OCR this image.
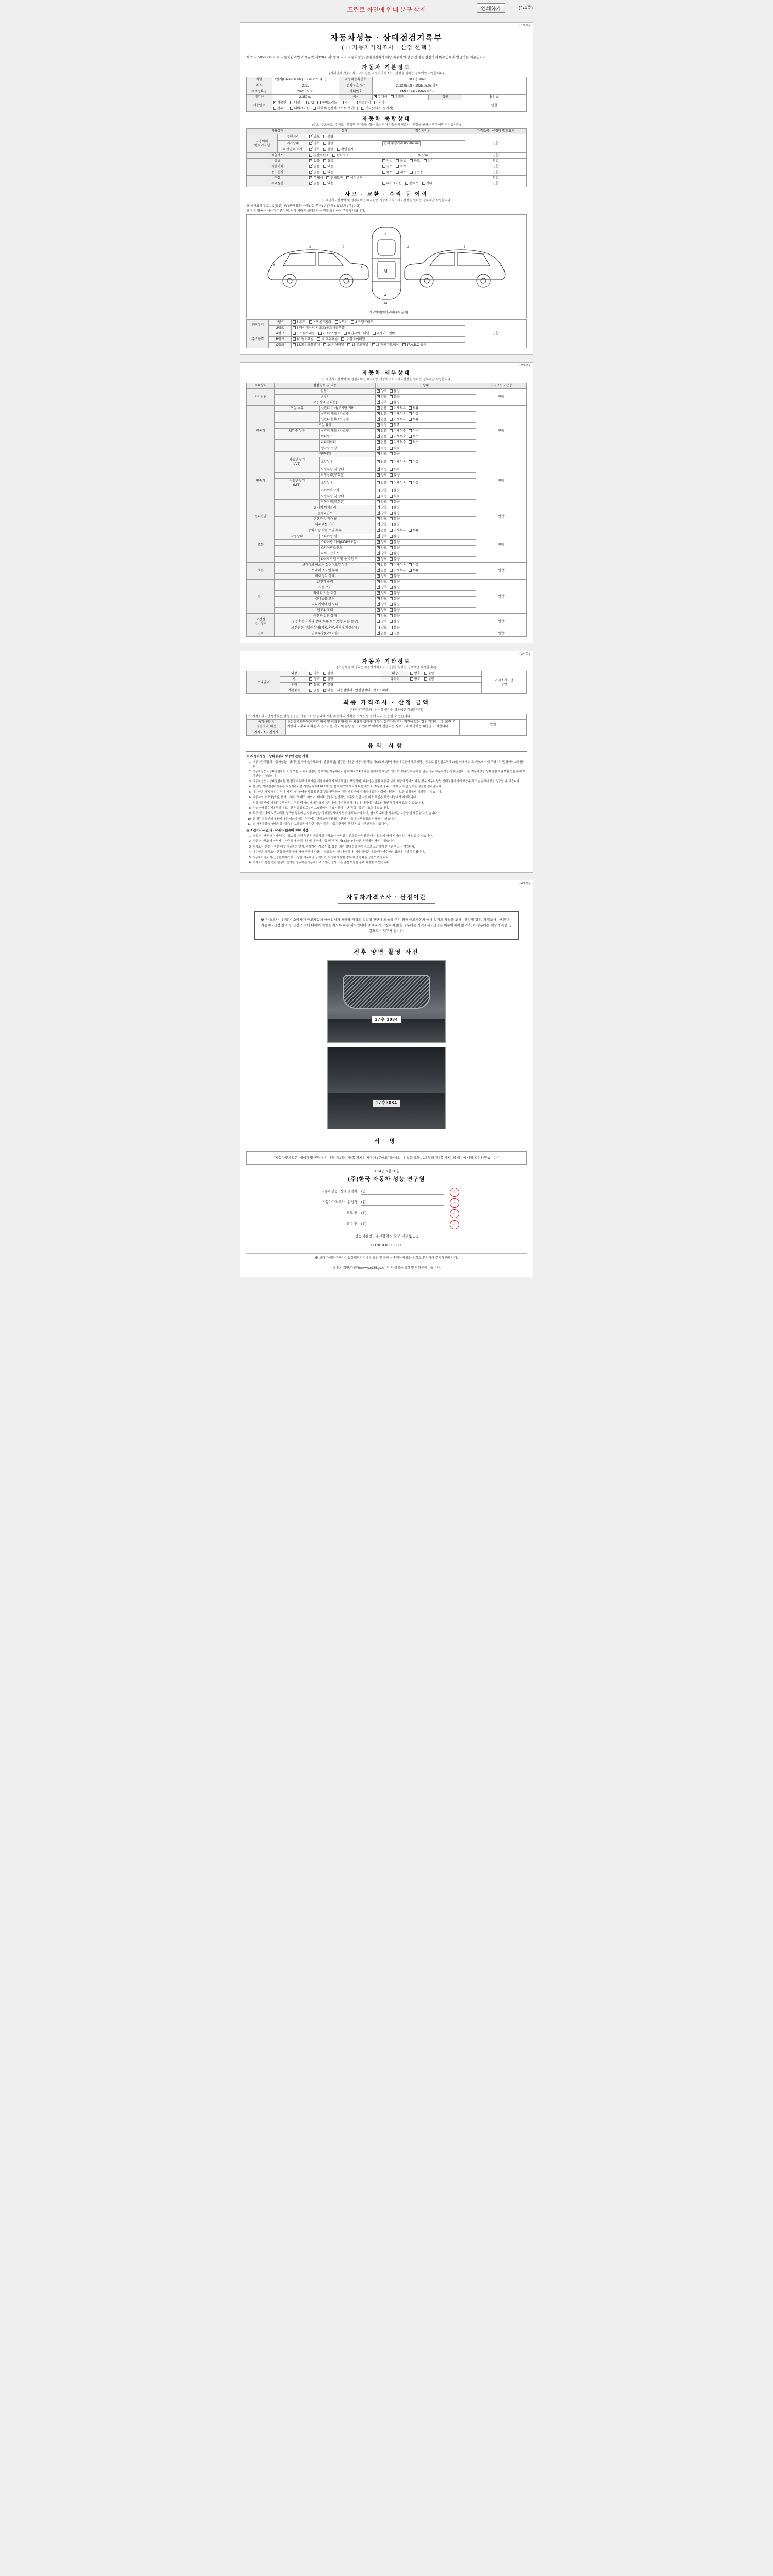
프린트 화면에 안내 문구 삭제	인쇄하기	(1/4쪽)
(1/4쪽)
자동차성능 · 상태점검기록부
( □ 자동차가격조사 · 산정 선택 )
제 20-07-050586 호 ※ 자동차관리법 시행규칙 제120조 제1항에 따라 자동차성능·상태점검자가 해당 자동차의 성능·상태를 점검하여 매수인에게 발급하는 서류입니다.
자동차 기본정보
(거래당사 기준가격 표기사항은 자동차가격조사 · 산정을 원하는 경우에만 작성합니다)
차명	그랜저(GRANDEUR) : (IG하이브리드)	자동차등록번호	38소용 9026		
연 식	2021	검사유효기간	2023.05.08 ~ 2025.05.07 까지		
최초등록일	2021.05.08	차대번호	KMHF141GBMA050758		
배기량	2,359 cc	색상	✓무채색 유채색	정원	5 인승
사용연료	✓가솔린 디젤 LPG 하이브리드 전기 수소전기 기타				연합
	선루프 내비게이션 에어백(운전석,조수석,사이드) 기타(기후/구동기기)				
자동차 종합상태
(주요, 주요골조, 주체교 · 산정액 및 제외사항은 표시되어 자동차가격조사 · 산정을 원하는 경우에만 작성합니다)
사용상태		상태	점검자의견	가격조사 · 산정액 별도표기
사용이력
및 특기사항	주행거리	✓양호 불량		연합
	계기상태	✓양호 불량	현재 주행거리 85,204 km	
	차량연료 표시	✓양호 불량 확인불가	
배출가스		일산화탄소 탄화수소	% ppm	연합
튜닝	✓없음 있음	적법 불법 구조 장치	연합
특별이력	✓없음 있음	침수 화재	연합
용도변경	✓없음 있음	렌트 리스 영업용	연합
색상	✓무채색 전체도색 색상변경		연합
주요옵션	✓없음 있음	내비게이션 선루프 기타	연합
사고 · 교환 · 수리 등 이력
(거래당사 · 산정액 및 점검자의견 표시란은 자동차가격조사 · 산정을 원하는 경우에만 작성합니다)
※ 상태표시 부호 : X (교환), W (판금 또는 용접), C (부식), A (흠집), U (요철), T (손상)
※ 위의 항목은 성능가 기준이며, 기타 차량의 상태확인은 직접 확인하여 주시기 바랍니다.
M
1
4
9
3	2
1
2	3
9
14
※ 사고이력(외판부위/주요골격)
외판부위	1랭크	1.후드 2.프론트펜더 3.도어 4.트렁크리드	연합
	2랭크	5.라디에이터 서포트(볼트체결부품)	
주요골격	A랭크	6.프론트패널 7.크로스멤버 8.인사이드패널 9.사이드멤버	
	B랭크	10.필러패널 11.대쉬패널 12.플로어패널	
	C랭크	13.트렁크플로어 14.리어패널 15.루프패널 16.패키지트레이 17.A,B,C 필러	
(2/4쪽)
자동차 세부상태
(거래당사 · 산정액 및 점검자의견 표시란은 자동차가격조사 · 산정을 원하는 경우에만 작성합니다)
주요장치	점검항목 및 내용		상태	가격조사 · 산정
자기진단	원동기	✓양호 불량	연합
	변속기	✓양호 불량
	작동상태(공회전)	✓양호 불량
원동기	오일 누유	실린더 커버(로커암 커버)	✓없음 미세누유 누유	연합
		실린더 헤드 / 가스켓	✓없음 미세누유 누유
		실린더 블록 / 오일팬	✓없음 미세누유 누유
	오일 유량	✓적정 부족
	냉각수 누수	실린더 헤드 / 가스켓	✓없음 미세누수 누수
		워터펌프	✓없음 미세누수 누수
		라디에이터	✓없음 미세누수 누수
		냉각수 수량	✓적정 부족
	커먼레일	✓양호 불량
변속기	자동변속기
(A/T)	오일누유	✓없음 미세누유 누유	연합
		오일유량 및 상태	✓적정 부족
		작동상태(공회전)	✓양호 불량
	수동변속기
(M/T)	오일누유	없음 미세누유 누유	
		기어변속장치	양호 불량	
		오일유량 및 상태	적정 부족	
		작동상태(공회전)	양호 불량	
동력전달	클러치 어셈블리	✓양호 불량	연합
	등속죠인트	✓양호 불량
	추진축 및 베어링	✓양호 불량
	디퍼렌셜 기어	✓양호 불량
조향	동력조향 작동 오일 누유	✓없음 미세누유 누유	연합
	작동상태	스티어링 펌프	✓양호 불량
		스티어링 기어(MDPS포함)	✓양호 불량
		스티어링조인트	✓양호 불량
		파워고압호스	✓양호 불량
		타이로드엔드 및 볼 조인트	✓양호 불량
제동	브레이크 마스터 실린더오일 누유	✓없음 미세누유 누유	연합
	브레이크 오일 누유	✓없음 미세누유 누유
	배력장치 상태	✓양호 불량
전기	발전기 출력	✓양호 불량	연합
	시동 모터	✓양호 불량
	와이퍼 기능 이상	✓양호 불량
	실내송풍 모터	✓양호 불량
	라디에이터 팬 모터	✓양호 불량
	윈도우 모터	✓양호 불량
고전원
전기장치	충전구 절연 상태		양호 불량	연합
	구동축전지 격리 상태(누유,누수,변형,파손,손상)		양호 불량	
	고전원전기배선 상태(피복,손상,커넥터,체결상태)		양호 불량	
연료	연료누출(LPG포함)	✓없음 있음	연합
(3/4쪽)
자동차 기타정보
(각 항목별 해당되는 자동차가격조사 · 산정을 원하는 경우에만 작성합니다)
수리필요	외장	양호 불량	내장	양호 불량	가격조사 · 산
정액
	휠	양호 불량	타이어	양호 불량	
	유리	양호 불량			
	기본품목	없음 ✓ 있음 사용설명서 / 안전삼각대 / 잭 / 스패너
최종 가격조사 · 산정 금액
(자동차가격조사 · 산정을 원하는 경우에만 작성합니다)
※ 가격조사 · 산정가격은 성능점검일 기준으로 산정되었으며, 자동차의 가격은 시세변동 등에 따라 변동될 수 있습니다.		
특기사항 및
점검자의 의견	※점검제외항목(미점검 항목 및 미확인 항목) 등 차량의 상태에 대하여 점검자의 추가 의견이 있는 경우 기재합니다. 또한 본 차량의 노후화에 따른 자연스러운 마모 및 손상 등으로 인하여 매매가 진행되는 경우 그에 해당하는 내용을 기재합니다.	만원
가격 · 조사산정자		
유의 사항
※ 자동차성능 · 상태점검자 보증에 관한 사항
1. 자동차관리법의 자동차성능 · 상태점검자에서(가격조사 · 산정 포함) 점검한 내용은 자동차관리법 제58조제1항에 따라 매수인에게 고지하는 것으로 점검일로부터 30일 이내에 최고 2만Km 이내 주행거리 범위에서 보증됩니다.
2. 자동차성능 · 상태점검자가 거짓 또는 오류로 점검한 경우에는 자동차관리법 제58조의4에 따른 손해배상 책임이 있으며, 매수인이 손해를 입은 경우 자동차성능·상태점검자 또는 자동차성능·상태점검 책임보험 등을 통해 보상받을 수 있습니다.
3. 자동차성능 · 상태점검자는 본 점검기록부에 표기된 내용에 대하여 보증책임을 부담하며, 매수인은 점검 내용과 실제 차량의 상태가 다른 경우 자동차성능·상태점검자에게 보증수리 또는 손해배상을 청구할 수 있습니다.
4. 본 성능·상태점검기록부는 자동차관리법 시행규칙 제120조제1항 별지 제82호서식에 따른 것으로, 자동차의 주요 장치 및 외관 상태를 점검한 결과입니다.
5. 매수인은 자동차 인수 전에 자동차의 상태를 직접 확인할 것을 권장하며, 점검기록부에 기재되지 않은 사항에 대해서는 보증 범위에서 제외될 수 있습니다.
6. 자동차의 소모품(오일, 필터, 브레이크 패드, 타이어, 배터리 등) 및 일반적인 노후로 인한 자연 마모 부분은 보증 대상에서 제외됩니다.
7. 점검기록부에 기재된 주행거리는 점검 당시의 계기판 표시 거리이며, 계기판 조작 여부에 대해서는 별도의 확인 절차가 필요할 수 있습니다.
8. 성능·상태점검기록부의 유효기간은 발급일로부터 120일이며, 유효기간이 지난 점검기록부는 효력이 없습니다.
9. 보증기간 내에 보증수리를 청구할 경우에는 자동차성능·상태점검자에게 먼저 통보하여야 하며, 임의로 수리한 경우에는 보증을 받지 못할 수 있습니다.
10. 본 점검기록부의 내용에 대한 이의가 있는 경우에는 한국소비자원 또는 관할 시·도에 분쟁조정을 신청할 수 있습니다.
11. ※ 자동차성능·상태점검기록부의 보증범위에 관한 세부사항은 자동차관리법 및 같은 법 시행규칙을 따릅니다.
※ 자동차가격조사 · 산정자 보증에 관한 사항
1. 자동차 · 산정자가 제공하는 정보 중 가격 부분은 자동차의 가격조사·산정일 기준으로 산정된 금액이며, 실제 매매 시세와 차이가 있을 수 있습니다.
2. 자동차가격조사·산정자는 가격조사·산정 내용에 대하여 자동차관리법 제58조의4에 따른 손해배상 책임이 있습니다.
3. 가격조사·산정 금액은 해당 자동차의 연식, 주행거리, 사고 이력, 옵션, 외관 상태 등을 종합적으로 고려하여 산정된 참고 금액입니다.
4. 매수인은 가격조사·산정 금액과 실제 거래 금액이 다를 수 있음을 인지하여야 하며, 거래 금액은 매도인과 매수인의 협의에 따라 결정됩니다.
5. 자동차가격조사·산정은 매수인이 요청한 경우에만 실시되며, 요청하지 않은 경우 해당 항목은 공란으로 둡니다.
6. 가격조사·산정 관련 분쟁이 발생한 경우에는 자동차가격조사·산정자 또는 관련 보험을 통해 해결할 수 있습니다.
(4/4쪽)
자동차가격조사 · 산정이란
※ '가격조사 · 산정'은 소비자가 중고자동차 매매업자가 거래를 가격의 적절성 판단에 도움을 주기 위해 중고차동차 매매 업자의 가격을 조사 · 산정할 경우, 가격조사 · 산정자는 자동차 · 산정 결과 등 산정 가격에 대하여 책임을 지도록 하는 제도입니다. 소비자가 요청하지 않을 경우에는 가격조사 · 산정은 이루어지지 않으며, 이 경우에는 해당 항목을 공란으로 비워두게 됩니다.
전후 양면 촬영 사진
17수 3084
17수3084
서 명
"자동차인도일은, 매매계 및 공단 점검 내역 제1쪽~ 제4쪽 까지의 자동차 (구매고지하세요 · 전달문 포함 , 1쪽부터 제4쪽 까지) 의 내용에 대해 확인하였습니다."
2024년 6월 20일
(주)한국 자동차 성능 연구원
자동차성능 · 상태 점검자 (인)	印
자동차가격조사 · 산정자 (인)	印
매 도 인 (인)	印
매 수 인 (인)	印
성능점검장 : 대전광역시 중구 태평로 1-1
TEL:010-0000-0000
※ 보다 자세한 자동차성능상태점검기록부 확인 및 문의는 홈페이지 또는 전화로 문의하여 주시기 바랍니다.
※ 보기 화면:카센터(www.car365.go.kr) 의 시·공통을 조회 및 전화문의 바랍니다.
